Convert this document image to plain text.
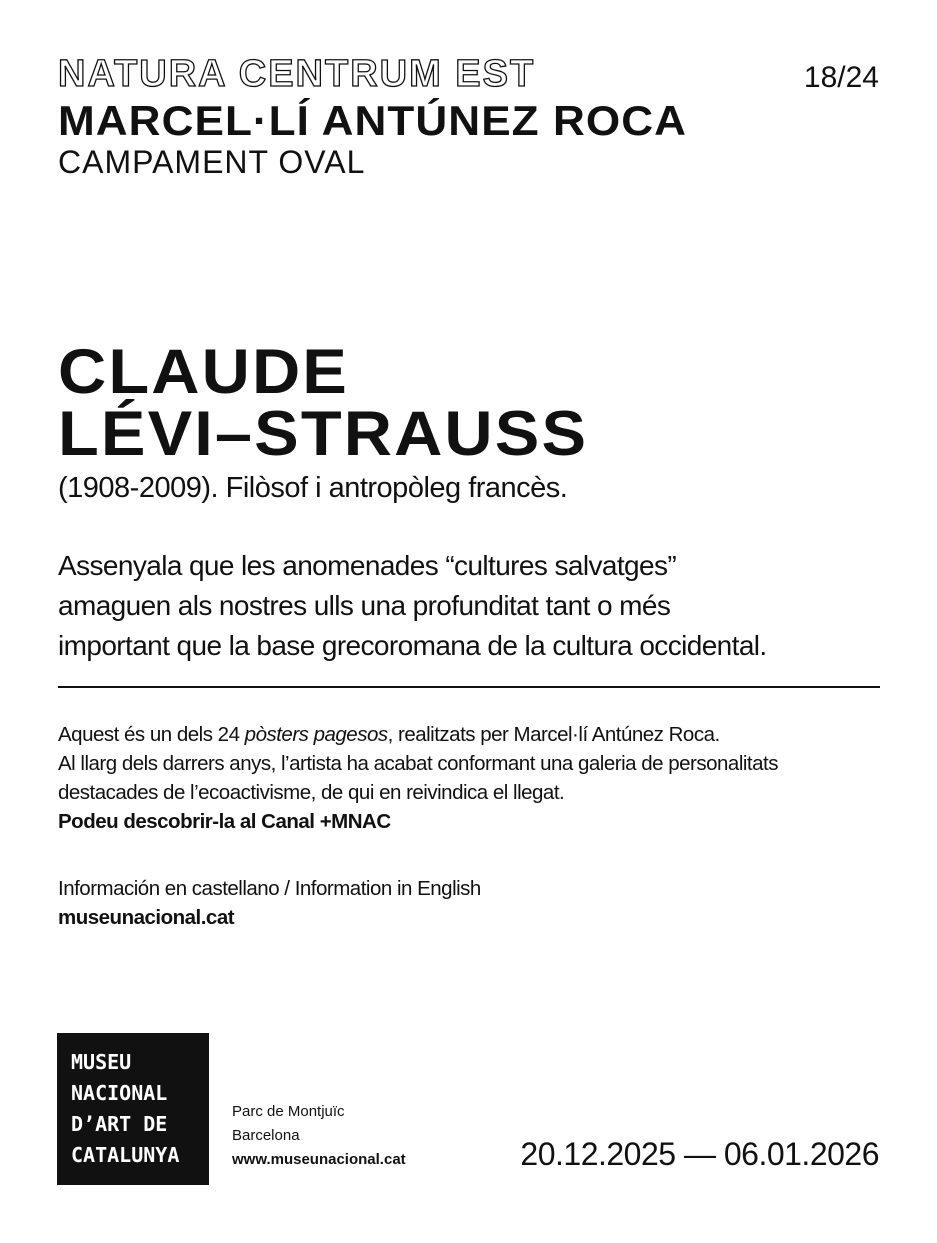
NATURA CENTRUM EST	18/24
MARCEL·LÍ ANTÚNEZ ROCA
CAMPAMENT OVAL
CLAUDE
LÉVI–STRAUSS
(1908-2009). Filòsof i antropòleg francès.
Assenyala que les anomenades “cultures salvatges”
amaguen als nostres ulls una profunditat tant o més
important que la base grecoromana de la cultura occidental.
Aquest és un dels 24 pòsters pagesos, realitzats per Marcel·lí Antúnez Roca.
Al llarg dels darrers anys, l’artista ha acabat conformant una galeria de personalitats
destacades de l’ecoactivisme, de qui en reivindica el llegat.
Podeu descobrir-la al Canal +MNAC
Información en castellano / Information in English
museunacional.cat
MUSEU
NACIONAL
D’ART DE
CATALUNYA
Parc de Montjuïc
Barcelona
www.museunacional.cat	20.12.2025 — 06.01.2026
